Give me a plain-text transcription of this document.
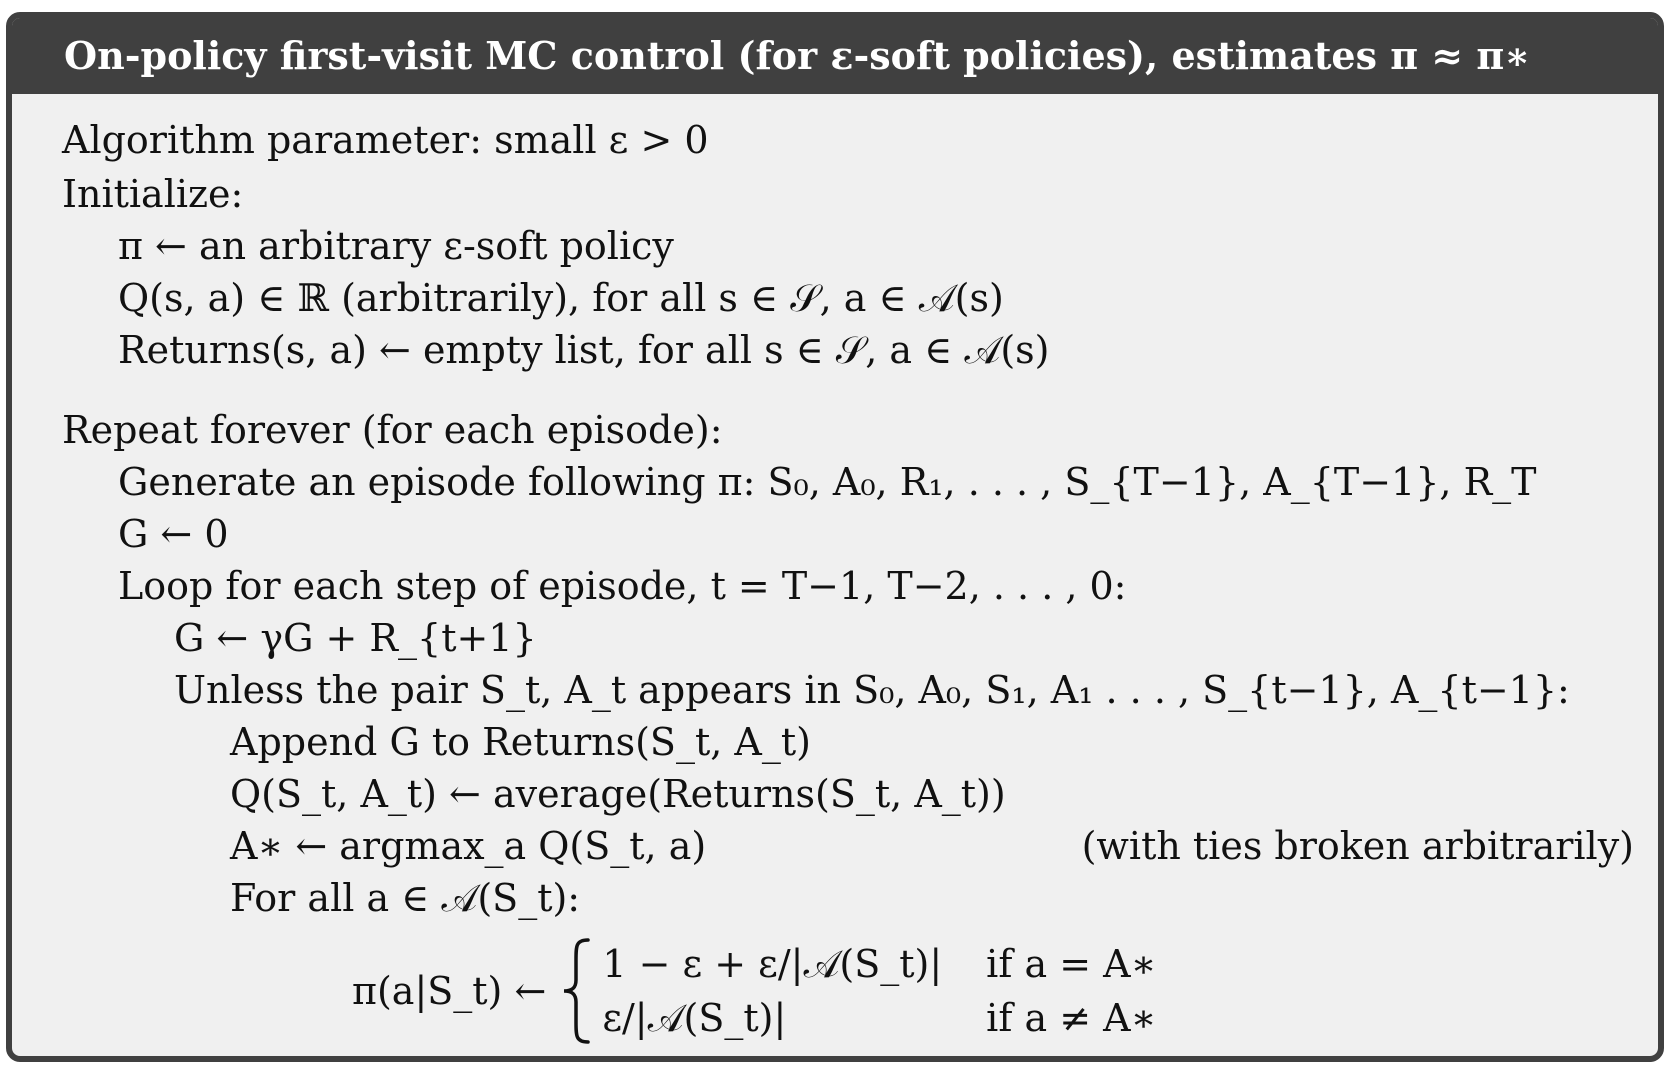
On-policy first-visit MC control (for ε-soft policies), estimates π ≈ π∗
Algorithm parameter: small ε > 0
Initialize:
π ← an arbitrary ε-soft policy
Q(s, a) ∈ ℝ (arbitrarily), for all s ∈ 𝒮, a ∈ 𝒜(s)
Returns(s, a) ← empty list, for all s ∈ 𝒮, a ∈ 𝒜(s)
Repeat forever (for each episode):
Generate an episode following π: S₀, A₀, R₁, . . . , S_{T−1}, A_{T−1}, R_T
G ← 0
Loop for each step of episode, t = T−1, T−2, . . . , 0:
G ← γG + R_{t+1}
Unless the pair S_t, A_t appears in S₀, A₀, S₁, A₁ . . . , S_{t−1}, A_{t−1}:
Append G to Returns(S_t, A_t)
Q(S_t, A_t) ← average(Returns(S_t, A_t))
A∗ ← argmax_a Q(S_t, a)	(with ties broken arbitrarily)
For all a ∈ 𝒜(S_t):
π(a|S_t) ←
1 − ε + ε/|𝒜(S_t)| if a = A∗
ε/|𝒜(S_t)|	if a ≠ A∗
